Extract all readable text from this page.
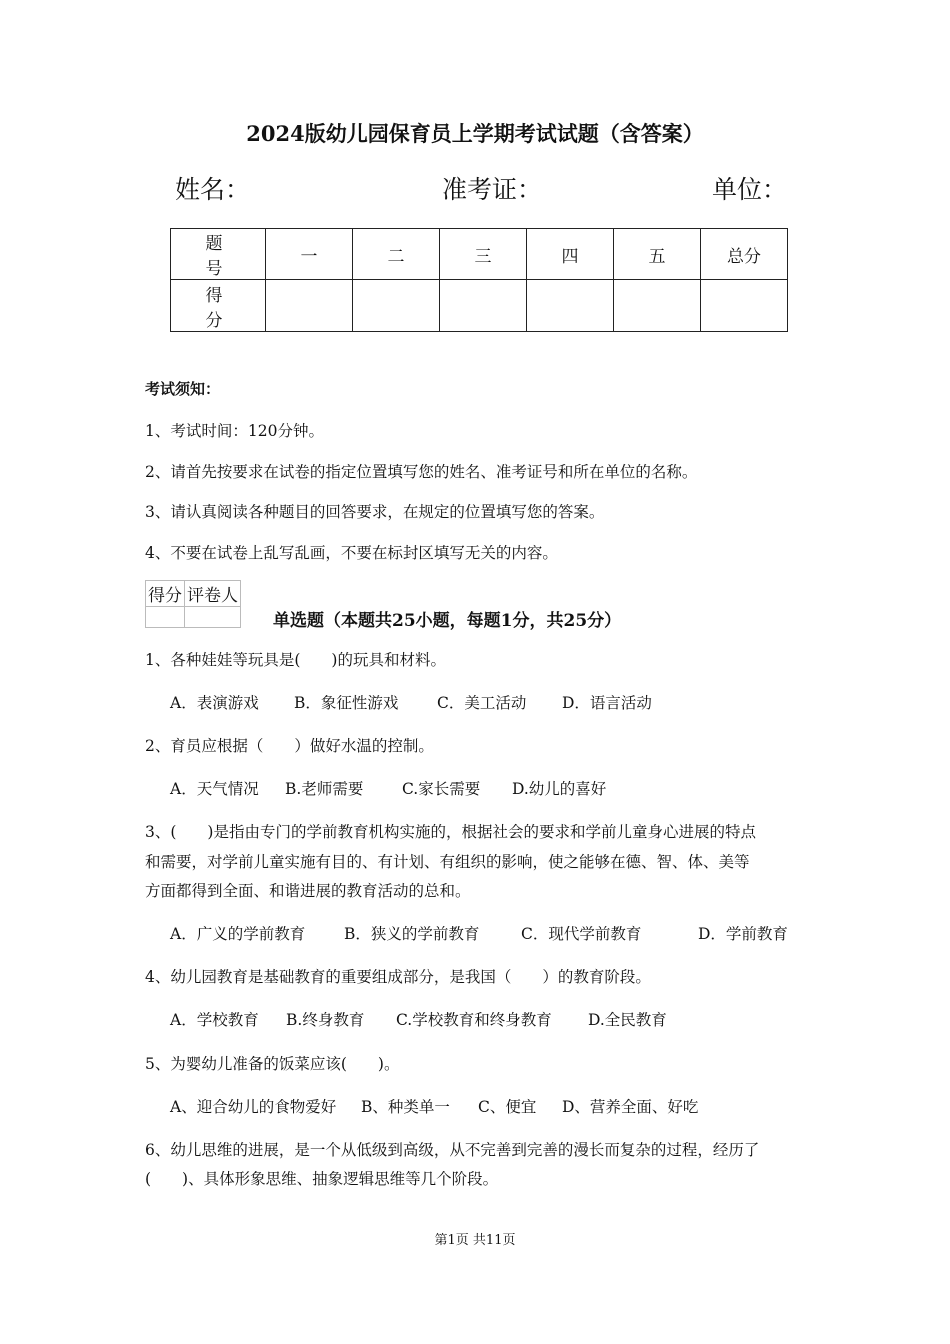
2024版幼儿园保育员上学期考试试题（含答案）
姓名：	准考证：	单位：
题　号	一	二	三	四	五	总分
得　分						
考试须知：
1、考试时间：120分钟。
2、请首先按要求在试卷的指定位置填写您的姓名、准考证号和所在单位的名称。
3、请认真阅读各种题目的回答要求，在规定的位置填写您的答案。
4、不要在试卷上乱写乱画，不要在标封区填写无关的内容。
得分	评卷人

单选题（本题共25小题，每题1分，共25分）
1、各种娃娃等玩具是(　　)的玩具和材料。
A．表演游戏 B．象征性游戏 C．美工活动 D．语言活动
2、育员应根据（　　）做好水温的控制。
A．天气情况 B.老师需要 C.家长需要 D.幼儿的喜好
3、(　　)是指由专门的学前教育机构实施的，根据社会的要求和学前儿童身心进展的特点
和需要，对学前儿童实施有目的、有计划、有组织的影响，使之能够在德、智、体、美等
方面都得到全面、和谐进展的教育活动的总和。
A．广义的学前教育	B．狭义的学前教育	C．现代学前教育	D．学前教育
4、幼儿园教育是基础教育的重要组成部分，是我国（　　）的教育阶段。
A．学校教育 B.终身教育 C.学校教育和终身教育 D.全民教育
5、为婴幼儿准备的饭菜应该(　　)。
A、迎合幼儿的食物爱好 B、种类单一 C、便宜 D、营养全面、好吃
6、幼儿思维的进展，是一个从低级到高级，从不完善到完善的漫长而复杂的过程，经历了
(　　)、具体形象思维、抽象逻辑思维等几个阶段。
第1页 共11页
